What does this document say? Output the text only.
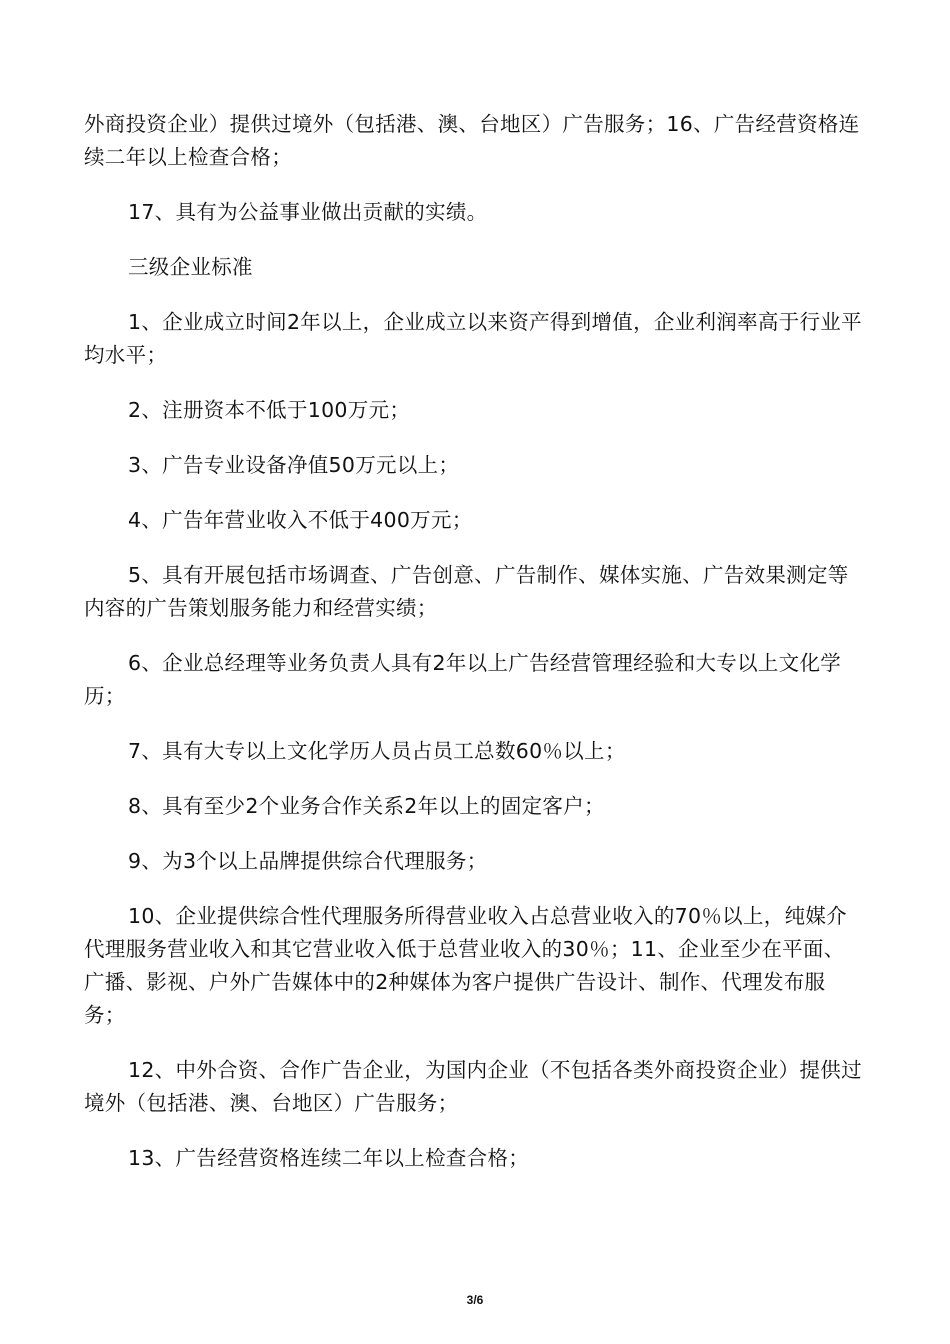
外商投资企业）提供过境外（包括港、澳、台地区）广告服务；16、广告经营资格连续二年以上检查合格；

17、具有为公益事业做出贡献的实绩。

三级企业标准

1、企业成立时间2年以上，企业成立以来资产得到增值，企业利润率高于行业平均水平；

2、注册资本不低于100万元；

3、广告专业设备净值50万元以上；

4、广告年营业收入不低于400万元；

5、具有开展包括市场调查、广告创意、广告制作、媒体实施、广告效果测定等内容的广告策划服务能力和经营实绩；

6、企业总经理等业务负责人具有2年以上广告经营管理经验和大专以上文化学历；

7、具有大专以上文化学历人员占员工总数60％以上；

8、具有至少2个业务合作关系2年以上的固定客户；

9、为3个以上品牌提供综合代理服务；

10、企业提供综合性代理服务所得营业收入占总营业收入的70％以上，纯媒介代理服务营业收入和其它营业收入低于总营业收入的30％；11、企业至少在平面、广播、影视、户外广告媒体中的2种媒体为客户提供广告设计、制作、代理发布服务；

12、中外合资、合作广告企业，为国内企业（不包括各类外商投资企业）提供过境外（包括港、澳、台地区）广告服务；

13、广告经营资格连续二年以上检查合格；

3/6
